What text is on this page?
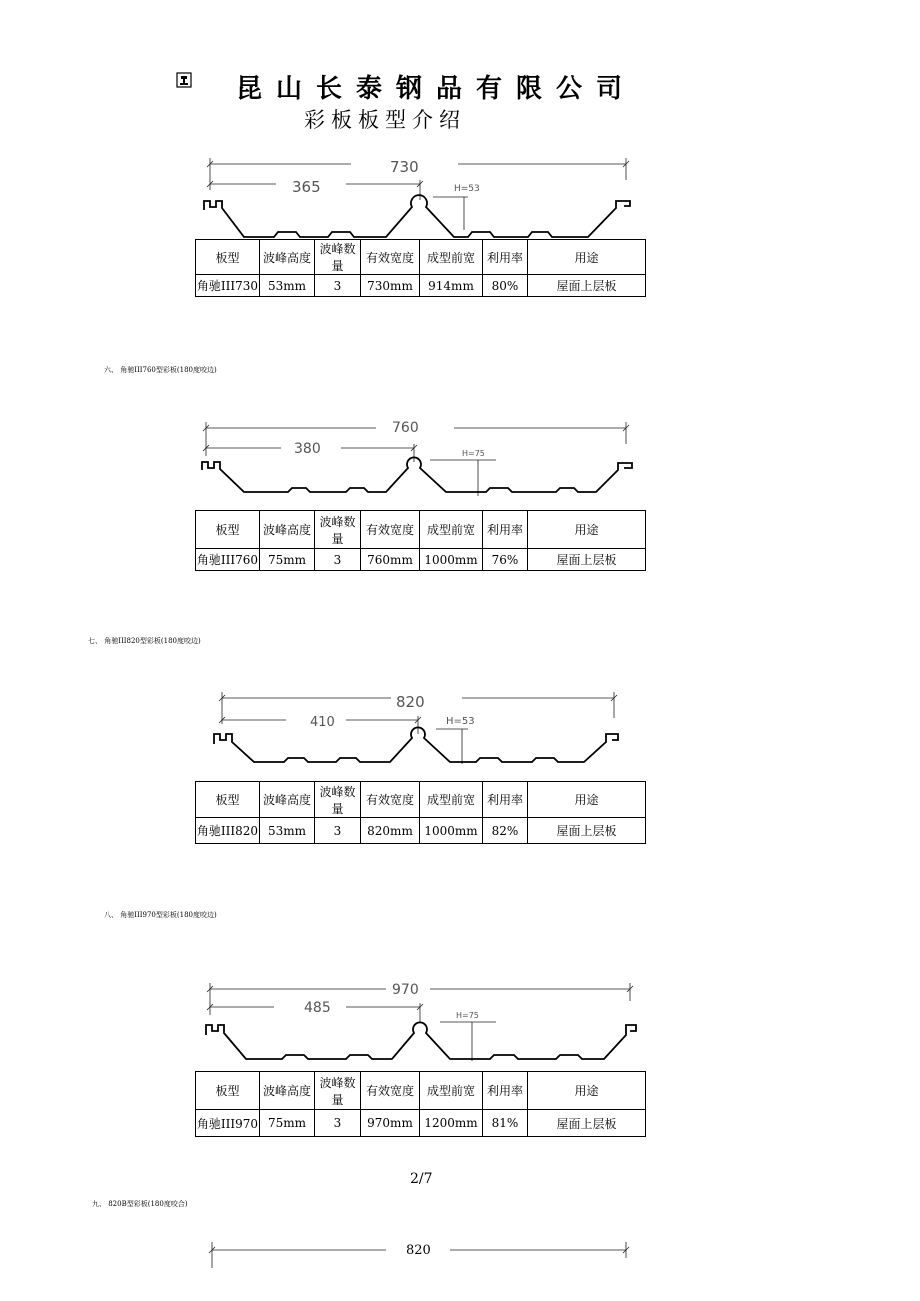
昆山长泰钢品有限公司
彩板板型介绍
730
365	H=53
板型	波峰高度	波峰数量	有效宽度	成型前宽	利用率	用途
角驰III730	53mm	3	730mm	914mm	80%	屋面上层板
六、 角驰III760型彩板(180度咬边)
760
380	H=75
板型	波峰高度	波峰数量	有效宽度	成型前宽	利用率	用途
角驰III760	75mm	3	760mm	1000mm	76%	屋面上层板
七、 角驰III820型彩板(180度咬边)
820
410	H=53
板型	波峰高度	波峰数量	有效宽度	成型前宽	利用率	用途
角驰III820	53mm	3	820mm	1000mm	82%	屋面上层板
八、 角驰III970型彩板(180度咬边)
970
485	H=75
板型	波峰高度	波峰数量	有效宽度	成型前宽	利用率	用途
角驰III970	75mm	3	970mm	1200mm	81%	屋面上层板
2/7
九、 820B型彩板(180度咬合)
820
